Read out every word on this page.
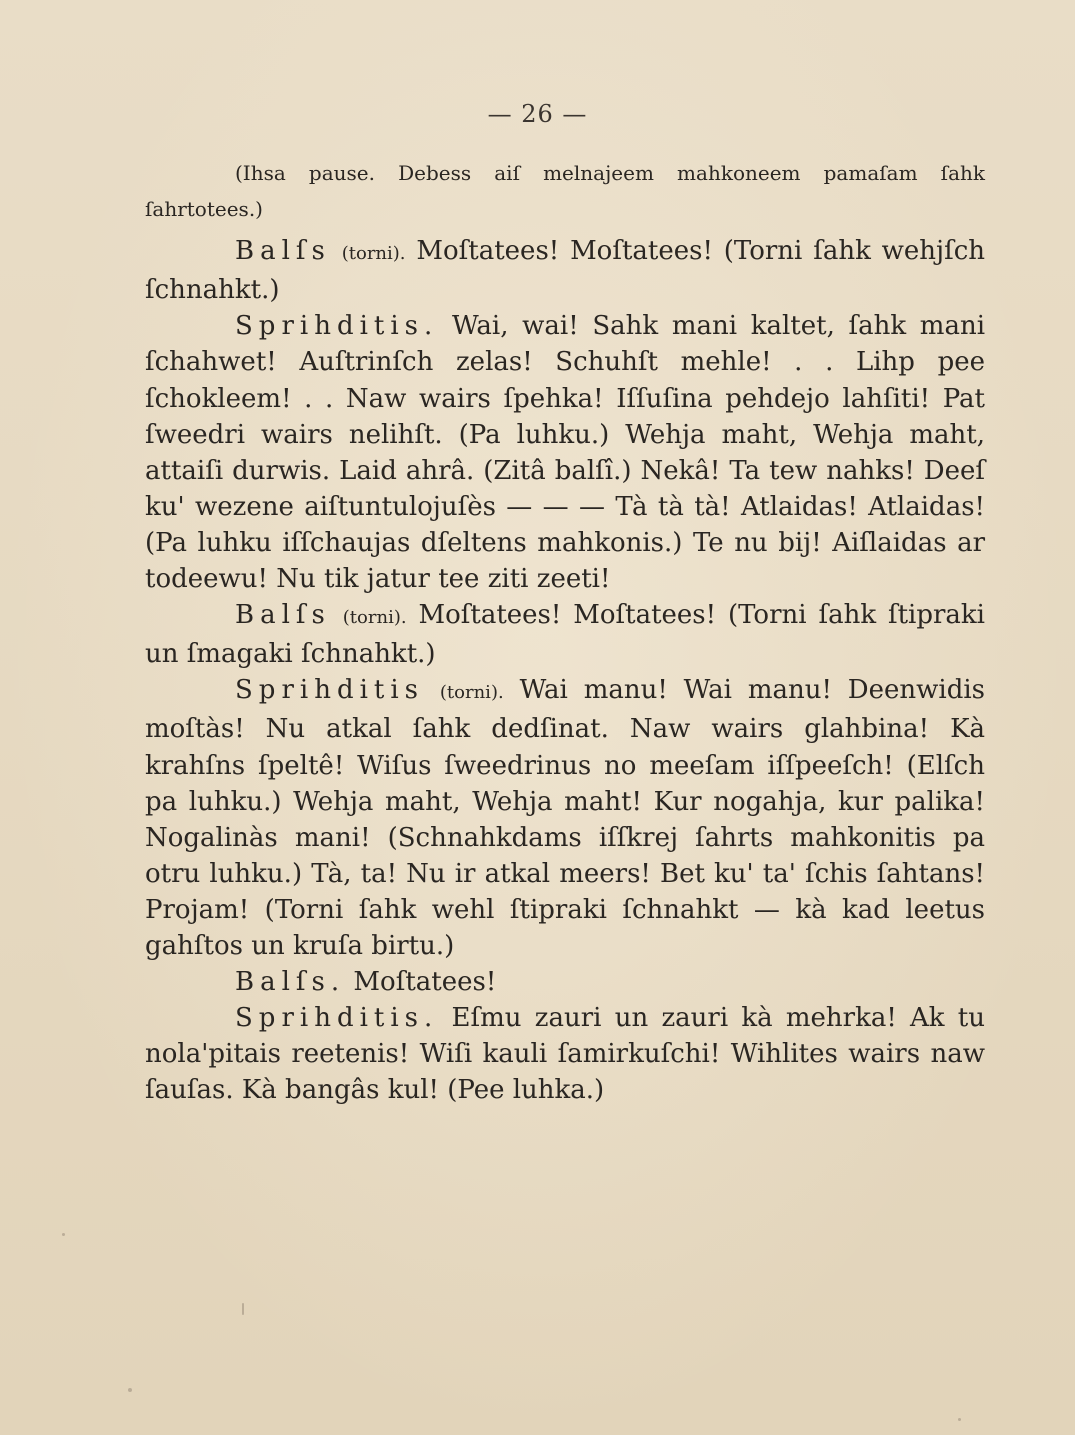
— 26 —

(Ihsa pause. Debess aiſ melnajeem mahkoneem pamaſam ſahk ſahrtotees.)

Balſs (torni). Moſtatees! Moſtatees! (Torni ſahk wehjſch ſchnahkt.)

Sprihditis. Wai, wai! Sahk mani kaltet, ſahk mani ſchahwet! Auſtrinſch zelas! Schuhſt mehle! . . Lihp pee ſchokleem! . . Naw wairs ſpehka! Iſſuſina pehdejo lahſiti! Pat ſweedri wairs nelihſt. (Pa luhku.) Wehja maht, Wehja maht, attaiſi durwis. Laid ahrâ. (Zitâ balſî.) Nekâ! Ta tew nahks! Deeſ ku' wezene aiſtuntulojuſès — — — Tà tà tà! Atlaidas! Atlaidas! (Pa luhku iſſchaujas dſeltens mahkonis.) Te nu bij! Aiſlaidas ar todeewu! Nu tik jatur tee ziti zeeti!

Balſs (torni). Moſtatees! Moſtatees! (Torni ſahk ſtipraki un ſmagaki ſchnahkt.)

Sprihditis (torni). Wai manu! Wai manu! Deenwidis moſtàs! Nu atkal ſahk dedſinat. Naw wairs glahbina! Kà krahſns ſpeltê! Wiſus ſweedrinus no meeſam iſſpeeſch! (Elſch pa luhku.) Wehja maht, Wehja maht! Kur nogahja, kur palika! Nogalinàs mani! (Schnahkdams iſſkrej ſahrts mahkonitis pa otru luhku.) Tà, ta! Nu ir atkal meers! Bet ku' ta' ſchis ſahtans! Projam! (Torni ſahk wehl ſtipraki ſchnahkt — kà kad leetus gahſtos un kruſa birtu.)

Balſs. Moſtatees!

Sprihditis. Eſmu zauri un zauri kà mehrka! Ak tu nola'pitais reetenis! Wiſi kauli ſamirkuſchi! Wihlites wairs naw ſauſas. Kà bangâs kul! (Pee luhka.)
